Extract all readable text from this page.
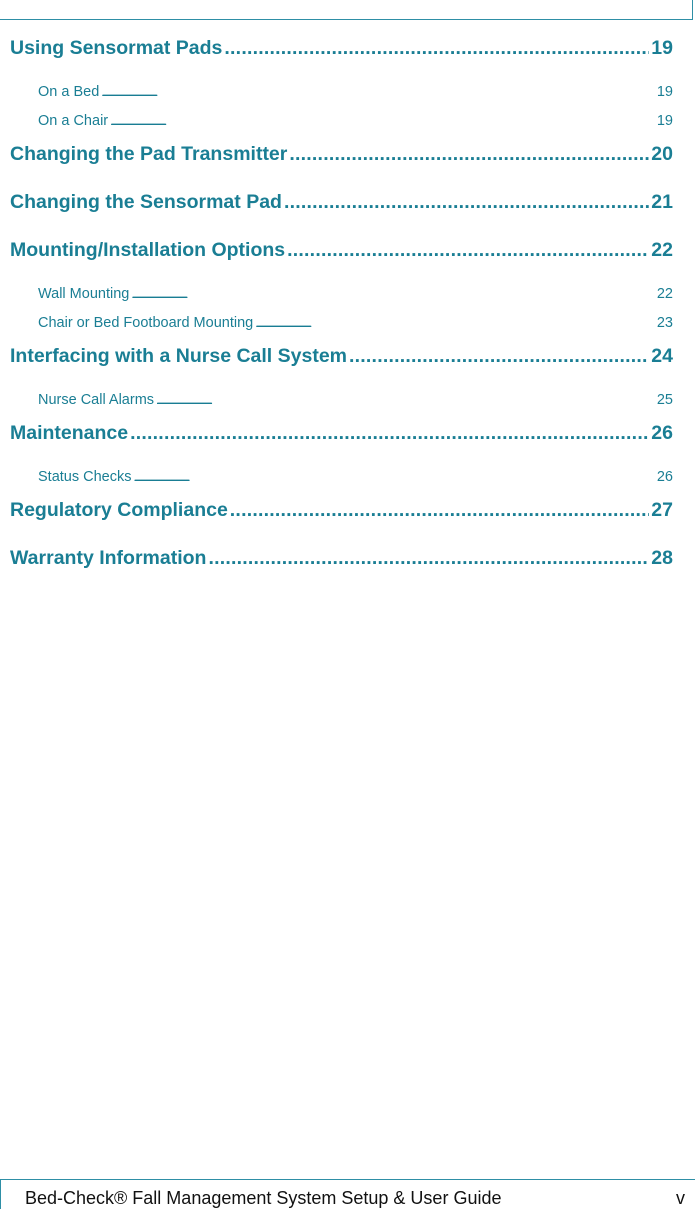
Using Sensormat Pads . . .	19
On a Bed . . .	19
On a Chair . . .	19
Changing the Pad Transmitter . . .	20
Changing the Sensormat Pad . . .	21
Mounting/Installation Options . . .	22
Wall Mounting . . .	22
Chair or Bed Footboard Mounting . . .	23
Interfacing with a Nurse Call System . . .	24
Nurse Call Alarms . . .	25
Maintenance . . .	26
Status Checks . . .	26
Regulatory Compliance . . .	27
Warranty Information . . .	28
Bed-Check® Fall Management System Setup & User Guide	v
